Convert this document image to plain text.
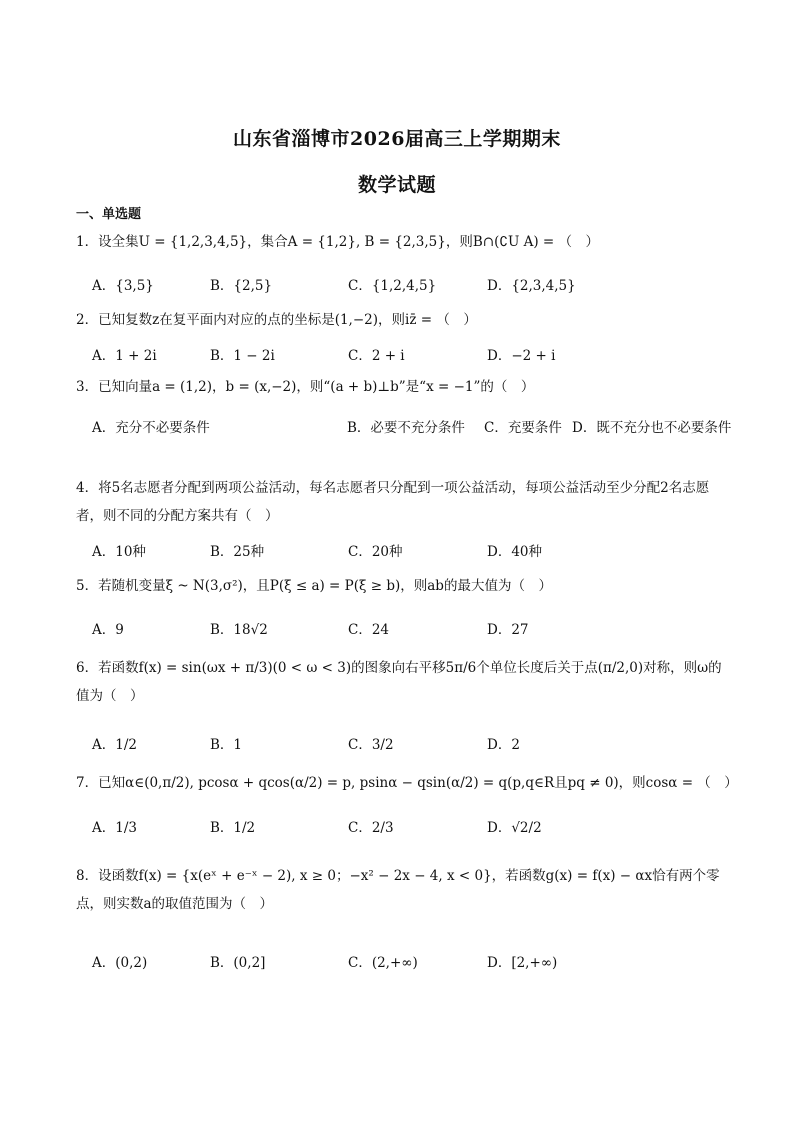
山东省淄博市2026届高三上学期期末
数学试题
一、单选题
1．设全集U = {1,2,3,4,5}，集合A = {1,2}, B = {2,3,5}，则B∩(∁U A) = （　）
A．{3,5}	B．{2,5}	C．{1,2,4,5}	D．{2,3,4,5}
2．已知复数z在复平面内对应的点的坐标是(1,−2)，则iz̄ = （　）
A．1 + 2i	B．1 − 2i	C．2 + i	D．−2 + i
3．已知向量a = (1,2)，b = (x,−2)，则“(a + b)⊥b”是“x = −1”的（　）
A．充分不必要条件	B．必要不充分条件 C．充要条件 D．既不充分也不必要条件
4．将5名志愿者分配到两项公益活动，每名志愿者只分配到一项公益活动，每项公益活动至少分配2名志愿者，则不同的分配方案共有（　）
A．10种	B．25种	C．20种	D．40种
5．若随机变量ξ ~ N(3,σ²)，且P(ξ ≤ a) = P(ξ ≥ b)，则ab的最大值为（　）
A．9	B．18√2	C．24	D．27
6．若函数f(x) = sin(ωx + π/3)(0 < ω < 3)的图象向右平移5π/6个单位长度后关于点(π/2,0)对称，则ω的值为（　）
A．1/2	B．1	C．3/2	D．2
7．已知α∈(0,π/2), pcosα + qcos(α/2) = p, psinα − qsin(α/2) = q(p,q∈R且pq ≠ 0)，则cosα = （　）
A．1/3	B．1/2	C．2/3	D．√2/2
8．设函数f(x) = {x(eˣ + e⁻ˣ − 2), x ≥ 0；−x² − 2x − 4, x < 0}，若函数g(x) = f(x) − αx恰有两个零点，则实数a的取值范围为（　）
A．(0,2)	B．(0,2]	C．(2,+∞)	D．[2,+∞)
